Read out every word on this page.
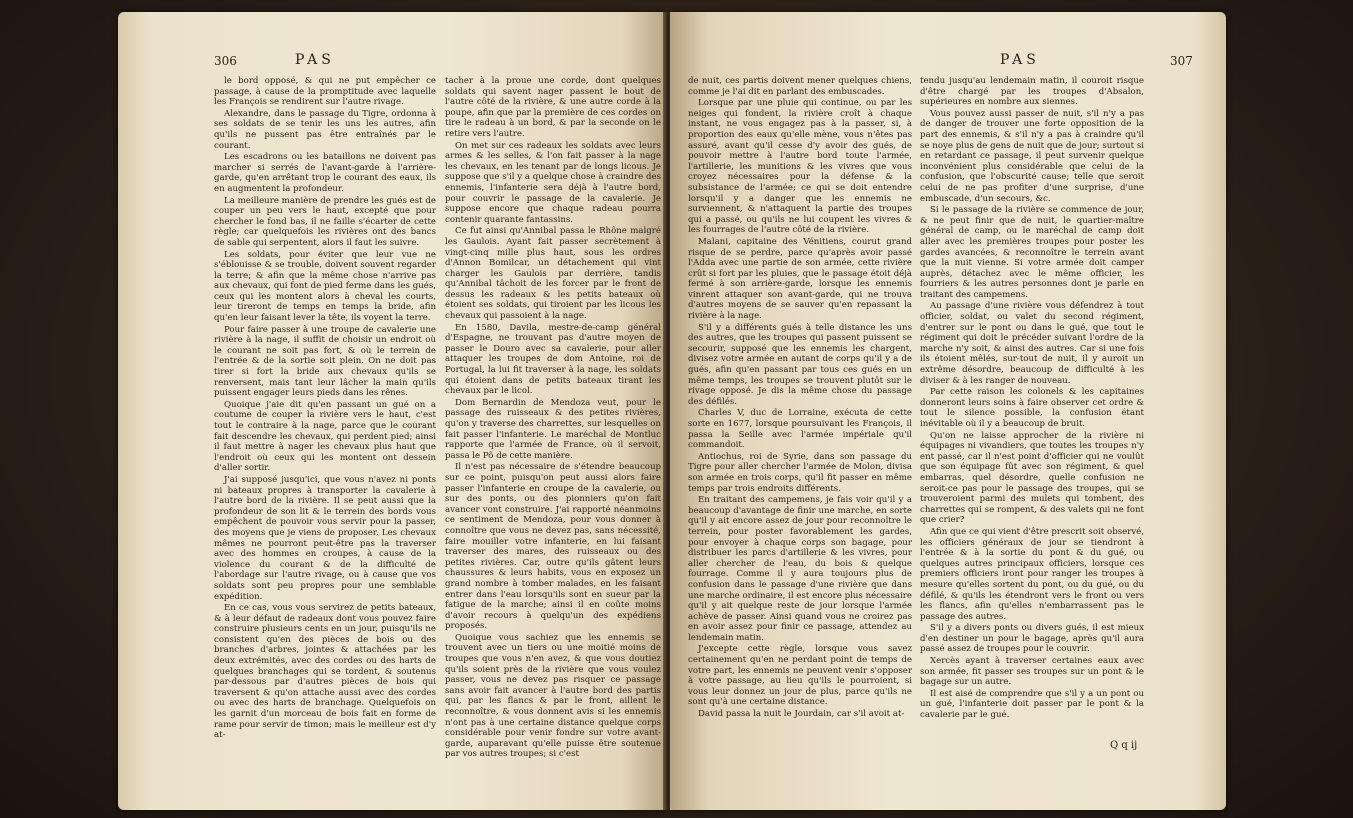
306	PAS

le bord opposé, & qui ne put empêcher ce passage, à cause de la promptitude avec laquelle les François se rendirent sur l'autre rivage.

Alexandre, dans le passage du Tigre, ordonna à ses soldats de se tenir les uns les autres, afin qu'ils ne pussent pas être entraînés par le courant.

Les escadrons ou les bataillons ne doivent pas marcher si serrés de l'avant-garde à l'arrière-garde, qu'en arrêtant trop le courant des eaux, ils en augmentent la profondeur.

La meilleure manière de prendre les gués est de couper un peu vers le haut, excepté que pour chercher le fond bas, il ne faille s'écarter de cette règle; car quelquefois les rivières ont des bancs de sable qui serpentent, alors il faut les suivre.

Les soldats, pour éviter que leur vue ne s'éblouisse & se trouble, doivent souvent regarder la terre; & afin que la même chose n'arrive pas aux chevaux, qui font de pied ferme dans les gués, ceux qui les montent alors à cheval les courts, leur tireront de temps en temps la bride, afin qu'en leur faisant lever la tête, ils voyent la terre.

Pour faire passer à une troupe de cavalerie une rivière à la nage, il suffit de choisir un endroit où le courant ne soit pas fort, & où le terrein de l'entrée & de la sortie soit plein. On ne doit pas tirer si fort la bride aux chevaux qu'ils se renversent, mais tant leur lâcher la main qu'ils puissent engager leurs pieds dans les rênes.

Quoique j'aie dit qu'en passant un gué on a coutume de couper la rivière vers le haut, c'est tout le contraire à la nage, parce que le courant fait descendre les chevaux, qui perdent pied; ainsi il faut mettre à nager les chevaux plus haut que l'endroit où ceux qui les montent ont dessein d'aller sortir.

J'ai supposé jusqu'ici, que vous n'avez ni ponts ni bateaux propres à transporter la cavalerie à l'autre bord de la rivière. Il se peut aussi que la profondeur de son lit & le terrein des bords vous empêchent de pouvoir vous servir pour la passer, des moyens que je viens de proposer. Les chevaux mêmes ne pourront peut-être pas la traverser avec des hommes en croupes, à cause de la violence du courant & de la difficulté de l'abordage sur l'autre rivage, ou à cause que vos soldats sont peu propres pour une semblable expédition.

En ce cas, vous vous servirez de petits bateaux, & à leur défaut de radeaux dont vous pouvez faire construire plusieurs cents en un jour, puisqu'ils ne consistent qu'en des pièces de bois ou des branches d'arbres, jointes & attachées par les deux extrémités, avec des cordes ou des harts de quelques branchages qui se tordent, & soutenus par-dessous par d'autres pièces de bois qui traversent & qu'on attache aussi avec des cordes ou avec des harts de branchage. Quelquefois on les garnit d'un morceau de bois fait en forme de rame pour servir de timon; mais le meilleur est d'y at-

tacher à la proue une corde, dont quelques soldats qui savent nager passent le bout de l'autre côté de la rivière, & une autre corde à la poupe, afin que par la première de ces cordes on tire le radeau à un bord, & par la seconde on le retire vers l'autre.

On met sur ces radeaux les soldats avec leurs armes & les selles, & l'on fait passer à la nage les chevaux, en les tenant par de longs licous. Je suppose que s'il y a quelque chose à craindre des ennemis, l'infanterie sera déjà à l'autre bord, pour couvrir le passage de la cavalerie. Je suppose encore que chaque radeau pourra contenir quarante fantassins.

Ce fut ainsi qu'Annibal passa le Rhône malgré les Gaulois. Ayant fait passer secrètement à vingt-cinq mille plus haut, sous les ordres d'Annon Bomilcar, un détachement qui vint charger les Gaulois par derrière, tandis qu'Annibal tâchoit de les forcer par le front de dessus les radeaux & les petits bateaux où étoient ses soldats, qui tiroient par les licous les chevaux qui passoient à la nage.

En 1580, Davila, mestre-de-camp général d'Espagne, ne trouvant pas d'autre moyen de passer le Douro avec sa cavalerie, pour aller attaquer les troupes de dom Antoine, roi de Portugal, la lui fit traverser à la nage, les soldats qui étoient dans de petits bateaux tirant les chevaux par le licol.

Dom Bernardin de Mendoza veut, pour le passage des ruisseaux & des petites rivières, qu'on y traverse des charrettes, sur lesquelles on fait passer l'infanterie. Le maréchal de Montluc rapporte que l'armée de France, où il servoit, passa le Pô de cette manière.

Il n'est pas nécessaire de s'étendre beaucoup sur ce point, puisqu'on peut aussi alors faire passer l'infanterie en croupe de la cavalerie, ou sur des ponts, ou des pionniers qu'on fait avancer vont construire. J'ai rapporté néanmoins ce sentiment de Mendoza, pour vous donner à connoître que vous ne devez pas, sans nécessité, faire mouiller votre infanterie, en lui faisant traverser des mares, des ruisseaux ou des petites rivières. Car, outre qu'ils gâtent leurs chaussures & leurs habits, vous en exposez un grand nombre à tomber malades, en les faisant entrer dans l'eau lorsqu'ils sont en sueur par la fatigue de la marche; ainsi il en coûte moins d'avoir recours à quelqu'un des expédiens proposés.

Quoique vous sachiez que les ennemis se trouvent avec un tiers ou une moitié moins de troupes que vous n'en avez, & que vous doutiez qu'ils soient près de la rivière que vous voulez passer, vous ne devez pas risquer ce passage sans avoir fait avancer à l'autre bord des partis qui, par les flancs & par le front, aillent le reconnoître, & vous donnent avis si les ennemis n'ont pas à une certaine distance quelque corps considérable pour venir fondre sur votre avant-garde, auparavant qu'elle puisse être soutenue par vos autres troupes; si c'est

PAS	307

de nuit, ces partis doivent mener quelques chiens, comme je l'ai dit en parlant des embuscades.

Lorsque par une pluie qui continue, ou par les neiges qui fondent, la rivière croît à chaque instant, ne vous engagez pas à la passer, si, à proportion des eaux qu'elle mène, vous n'êtes pas assuré, avant qu'il cesse d'y avoir des gués, de pouvoir mettre à l'autre bord toute l'armée, l'artillerie, les munitions & les vivres que vous croyez nécessaires pour la défense & la subsistance de l'armée; ce qui se doit entendre lorsqu'il y a danger que les ennemis ne surviennent, & n'attaquent la partie des troupes qui a passé, ou qu'ils ne lui coupent les vivres & les fourrages de l'autre côté de la rivière.

Malani, capitaine des Vénitiens, courut grand risque de se perdre, parce qu'après avoir passé l'Adda avec une partie de son armée, cette rivière crût si fort par les pluies, que le passage étoit déjà fermé à son arrière-garde, lorsque les ennemis vinrent attaquer son avant-garde, qui ne trouva d'autres moyens de se sauver qu'en repassant la rivière à la nage.

S'il y a différents gués à telle distance les uns des autres, que les troupes qui passent puissent se secourir, supposé que les ennemis les chargent, divisez votre armée en autant de corps qu'il y a de gués, afin qu'en passant par tous ces gués en un même temps, les troupes se trouvent plutôt sur le rivage opposé. Je dis la même chose du passage des défilés.

Charles V, duc de Lorraine, exécuta de cette sorte en 1677, lorsque poursuivant les François, il passa la Seille avec l'armée impériale qu'il commandoit.

Antiochus, roi de Syrie, dans son passage du Tigre pour aller chercher l'armée de Molon, divisa son armée en trois corps, qu'il fit passer en même temps par trois endroits différents.

En traitant des campemens, je fais voir qu'il y a beaucoup d'avantage de finir une marche, en sorte qu'il y ait encore assez de jour pour reconnoître le terrein, pour poster favorablement les gardes, pour envoyer à chaque corps son bagage, pour distribuer les parcs d'artillerie & les vivres, pour aller chercher de l'eau, du bois & quelque fourrage. Comme il y aura toujours plus de confusion dans le passage d'une rivière que dans une marche ordinaire, il est encore plus nécessaire qu'il y ait quelque reste de jour lorsque l'armée achève de passer. Ainsi quand vous ne croirez pas en avoir assez pour finir ce passage, attendez au lendemain matin.

J'excepte cette règle, lorsque vous savez certainement qu'en ne perdant point de temps de votre part, les ennemis ne peuvent venir s'opposer à votre passage, au lieu qu'ils le pourroient, si vous leur donnez un jour de plus, parce qu'ils ne sont qu'à une certaine distance.

David passa la nuit le Jourdain, car s'il avoit at-

tendu jusqu'au lendemain matin, il couroit risque d'être chargé par les troupes d'Absalon, supérieures en nombre aux siennes.

Vous pouvez aussi passer de nuit, s'il n'y a pas de danger de trouver une forte opposition de la part des ennemis, & s'il n'y a pas à craindre qu'il se noye plus de gens de nuit que de jour; surtout si en retardant ce passage, il peut survenir quelque inconvénient plus considérable que celui de la confusion, que l'obscurité cause; telle que seroit celui de ne pas profiter d'une surprise, d'une embuscade, d'un secours, &c.

Si le passage de la rivière se commence de jour, & ne peut finir que de nuit, le quartier-maître général de camp, ou le maréchal de camp doit aller avec les premières troupes pour poster les gardes avancées, & reconnoître le terrein avant que la nuit vienne. Si votre armée doit camper auprès, détachez avec le même officier, les fourriers & les autres personnes dont je parle en traitant des campemens.

Au passage d'une rivière vous défendrez à tout officier, soldat, ou valet du second régiment, d'entrer sur le pont ou dans le gué, que tout le régiment qui doit le précéder suivant l'ordre de la marche n'y soit, & ainsi des autres. Car si une fois ils étoient mêlés, sur-tout de nuit, il y auroit un extrême désordre, beaucoup de difficulté à les diviser & à les ranger de nouveau.

Par cette raison les colonels & les capitaines donneront leurs soins à faire observer cet ordre & tout le silence possible, la confusion étant inévitable où il y a beaucoup de bruit.

Qu'on ne laisse approcher de la rivière ni équipages ni vivandiers, que toutes les troupes n'y ent passé, car il n'est point d'officier qui ne voulût que son équipage fût avec son régiment, & quel embarras, quel désordre, quelle confusion ne seroit-ce pas pour le passage des troupes, qui se trouveroient parmi des mulets qui tombent, des charrettes qui se rompent, & des valets qui ne font que crier?

Afin que ce qui vient d'être prescrit soit observé, les officiers généraux de jour se tiendront à l'entrée & à la sortie du pont & du gué, ou quelques autres principaux officiers, lorsque ces premiers officiers iront pour ranger les troupes à mesure qu'elles sortent du pont, ou du gué, ou du défilé, & qu'ils les étendront vers le front ou vers les flancs, afin qu'elles n'embarrassent pas le passage des autres.

S'il y a divers ponts ou divers gués, il est mieux d'en destiner un pour le bagage, après qu'il aura passé assez de troupes pour le couvrir.

Xercès ayant à traverser certaines eaux avec son armée, fit passer ses troupes sur un pont & le bagage sur un autre.

Il est aisé de comprendre que s'il y a un pont ou un gué, l'infanterie doit passer par le pont & la cavalerie par le gué.

Q q ij
